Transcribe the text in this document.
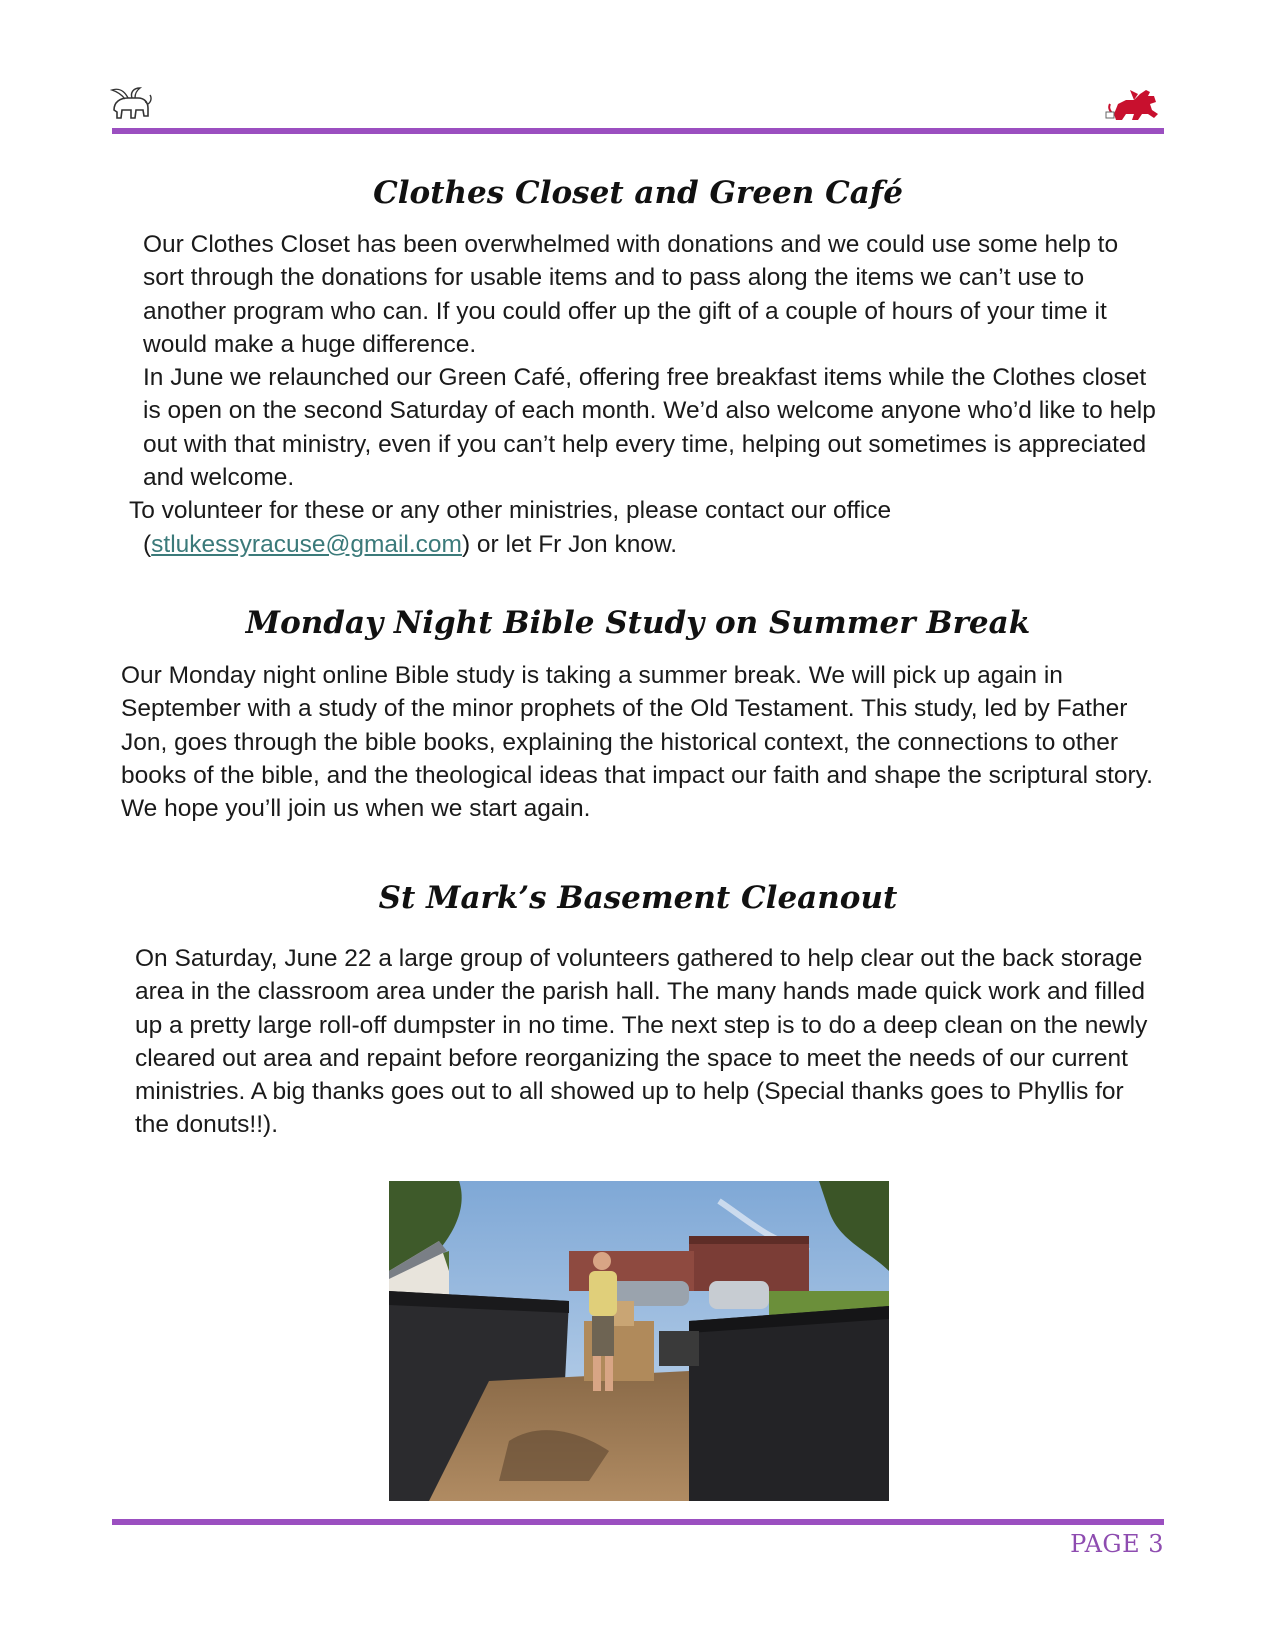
Clothes Closet and Green Café

Our Clothes Closet has been overwhelmed with donations and we could use some help to sort through the donations for usable items and to pass along the items we can’t use to another program who can. If you could offer up the gift of a couple of hours of your time it would make a huge difference.

In June we relaunched our Green Café, offering free breakfast items while the Clothes closet is open on the second Saturday of each month. We’d also welcome anyone who’d like to help out with that ministry, even if you can’t help every time, helping out sometimes is appreciated and welcome.

To volunteer for these or any other ministries, please contact our office (stlukessyracuse@gmail.com) or let Fr Jon know.

Monday Night Bible Study on Summer Break

Our Monday night online Bible study is taking a summer break. We will pick up again in September with a study of the minor prophets of the Old Testament. This study, led by Father Jon, goes through the bible books, explaining the historical context, the connections to other books of the bible, and the theological ideas that impact our faith and shape the scriptural story. We hope you’ll join us when we start again.

St Mark’s Basement Cleanout

On Saturday, June 22 a large group of volunteers gathered to help clear out the back storage area in the classroom area under the parish hall. The many hands made quick work and filled up a pretty large roll-off dumpster in no time. The next step is to do a deep clean on the newly cleared out area and repaint before reorganizing the space to meet the needs of our current ministries. A big thanks goes out to all showed up to help (Special thanks goes to Phyllis for the donuts!!).

PAGE 3
